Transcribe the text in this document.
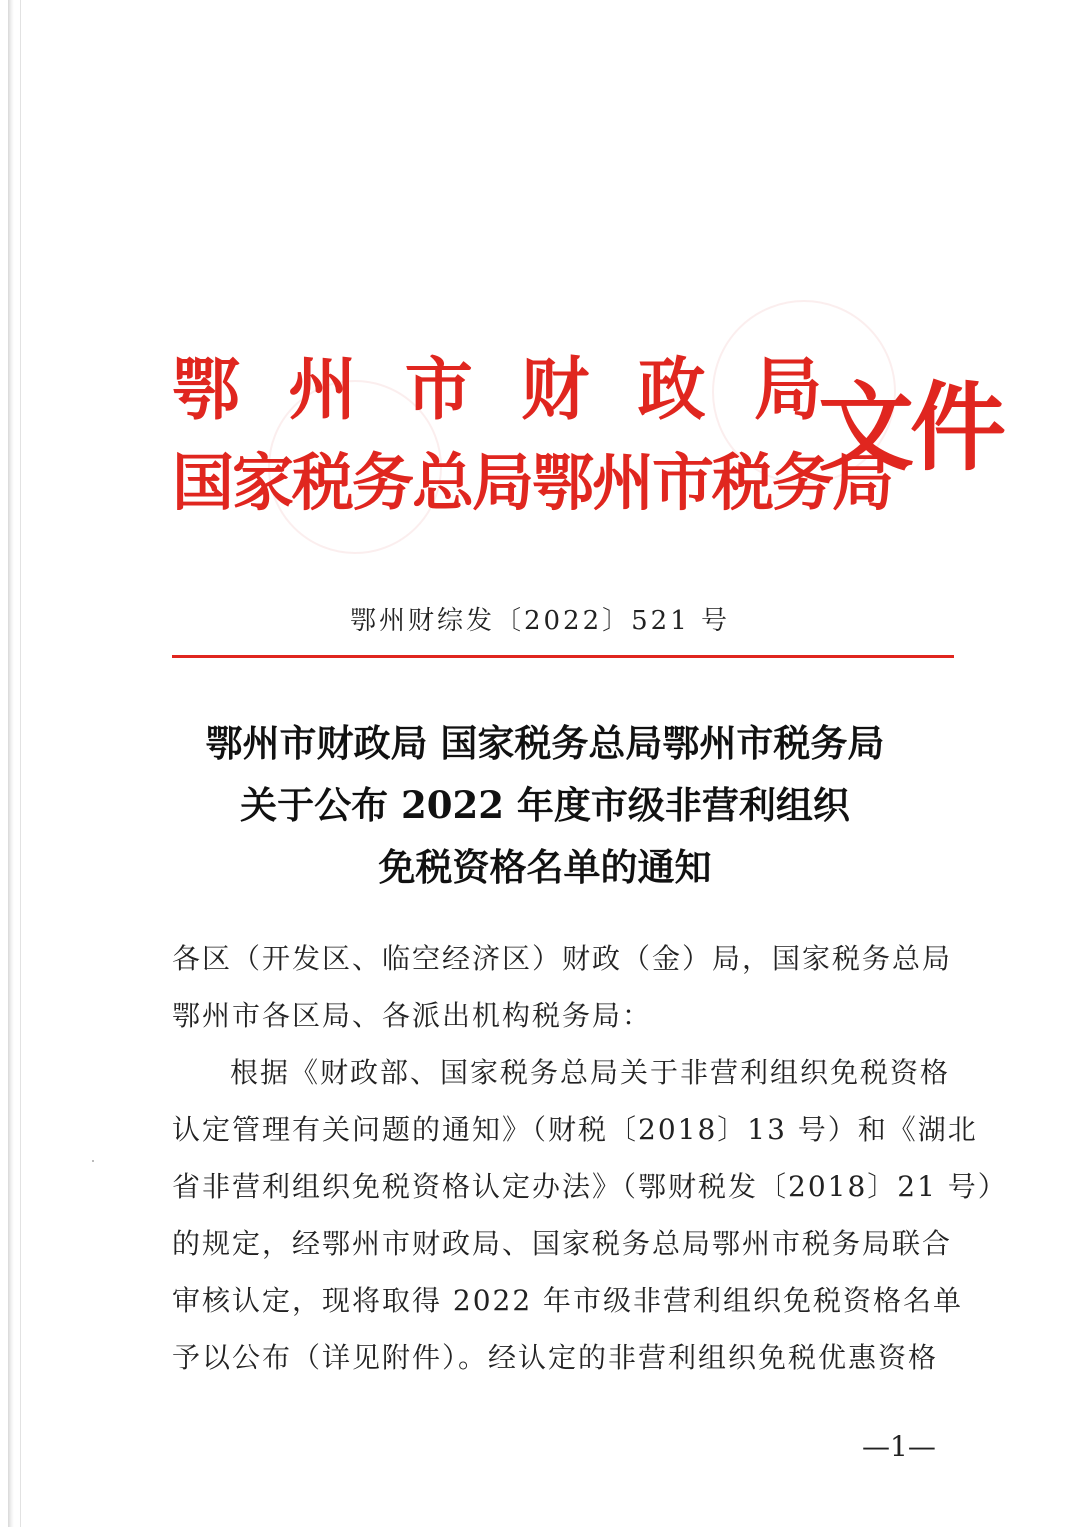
鄂 州 市 财 政 局
国家税务总局鄂州市税务局
文件
鄂州财综发〔2022〕521 号
鄂州市财政局 国家税务总局鄂州市税务局
关于公布 2022 年度市级非营利组织
免税资格名单的通知
各区（开发区、临空经济区）财政（金）局，国家税务总局
鄂州市各区局、各派出机构税务局：
根据《财政部、国家税务总局关于非营利组织免税资格
认定管理有关问题的通知》（财税〔2018〕13 号）和《湖北
省非营利组织免税资格认定办法》（鄂财税发〔2018〕21 号）
的规定，经鄂州市财政局、国家税务总局鄂州市税务局联合
审核认定，现将取得 2022 年市级非营利组织免税资格名单
予以公布（详见附件）。经认定的非营利组织免税优惠资格
—1—
